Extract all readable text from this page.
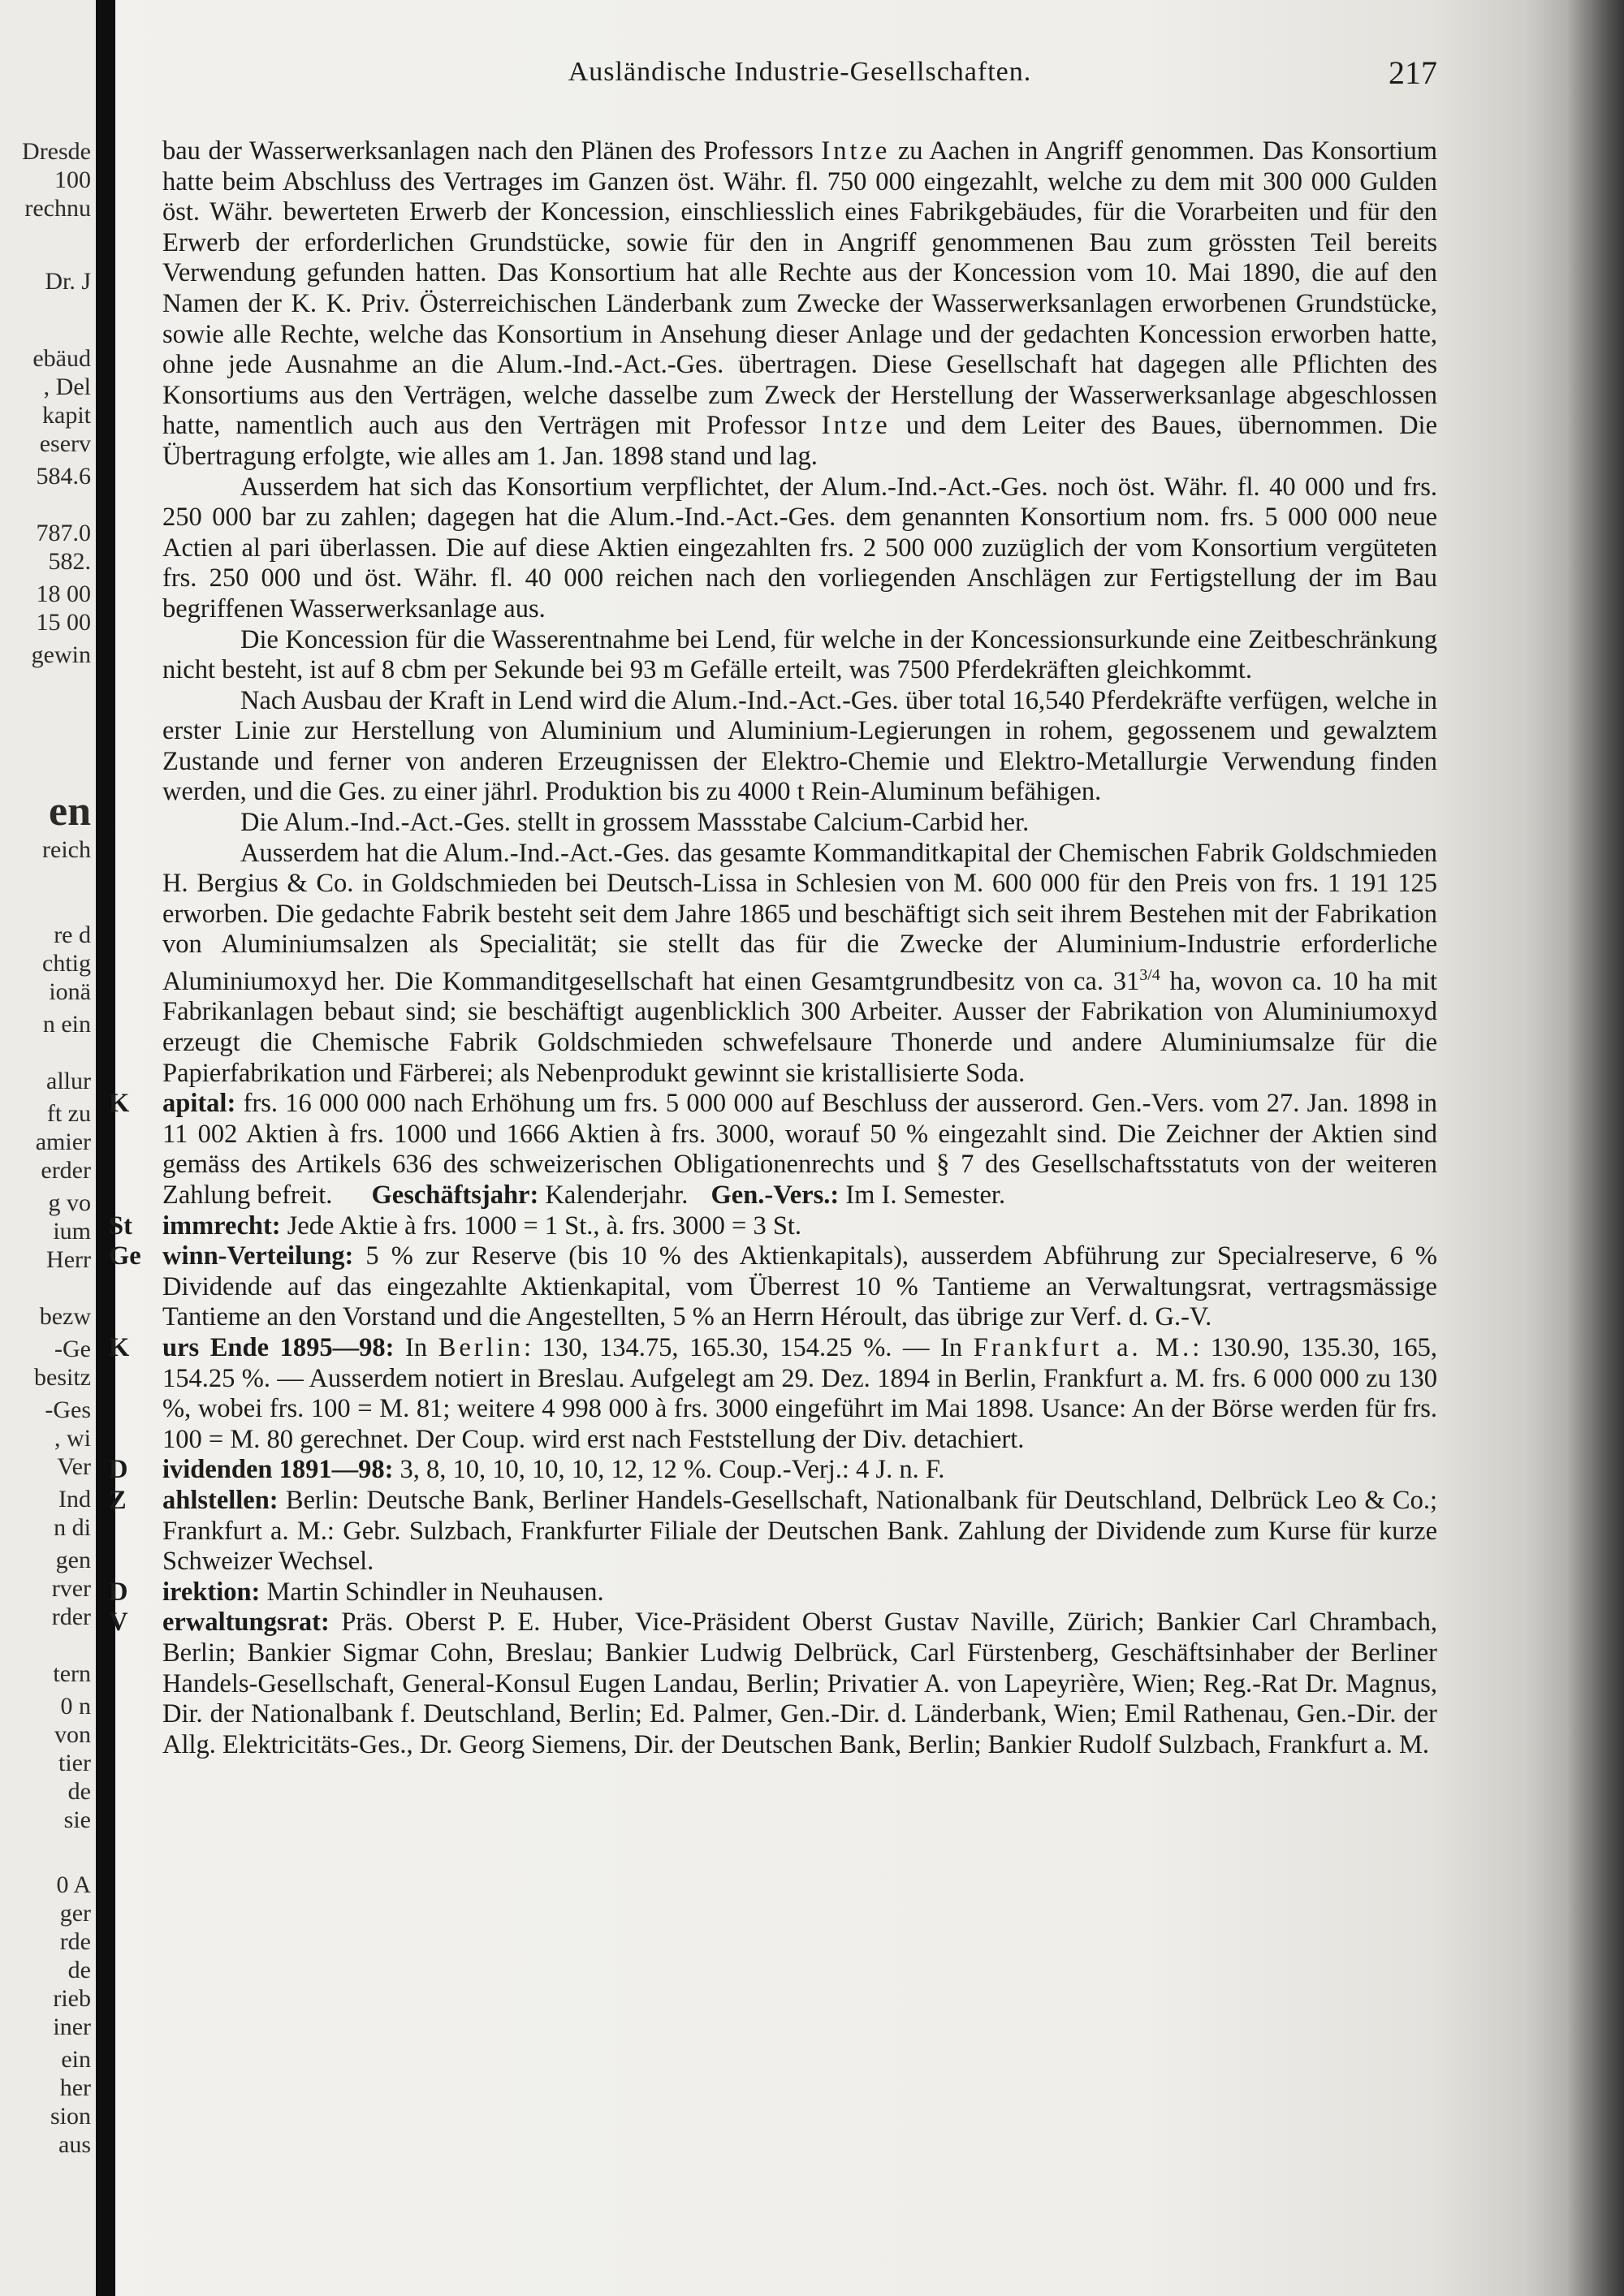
Dresde
100
rechnu
Dr. J
ebäud
, Del
kapit
eserv
584.6
787.0
582.
18 00
15 00
gewin
en
reich
re d
chtig
ionä
n ein
allur
ft zu
amier
erder
g vo
ium
Herr
bezw
-Ge
besitz
-Ges
, wi
Ver
Ind
n di
gen
rver
rder
tern
0 n
von
tier
de
sie
0 A
ger
rde
de
rieb
iner
ein
her
sion
aus
Ausländische Industrie-Gesellschaften.	217

bau der Wasserwerksanlagen nach den Plänen des Professors Intze zu Aachen in Angriff genommen. Das Konsortium hatte beim Abschluss des Vertrages im Ganzen öst. Währ. fl. 750 000 eingezahlt, welche zu dem mit 300 000 Gulden öst. Währ. bewerteten Erwerb der Koncession, einschliesslich eines Fabrikgebäudes, für die Vorarbeiten und für den Erwerb der erforderlichen Grundstücke, sowie für den in Angriff genommenen Bau zum grössten Teil bereits Verwendung gefunden hatten. Das Konsortium hat alle Rechte aus der Koncession vom 10. Mai 1890, die auf den Namen der K. K. Priv. Österreichischen Länderbank zum Zwecke der Wasserwerksanlagen erworbenen Grundstücke, sowie alle Rechte, welche das Konsortium in Ansehung dieser Anlage und der gedachten Koncession erworben hatte, ohne jede Ausnahme an die Alum.-Ind.-Act.-Ges. übertragen. Diese Gesellschaft hat dagegen alle Pflichten des Konsortiums aus den Verträgen, welche dasselbe zum Zweck der Herstellung der Wasserwerksanlage abgeschlossen hatte, namentlich auch aus den Verträgen mit Professor Intze und dem Leiter des Baues, übernommen. Die Übertragung erfolgte, wie alles am 1. Jan. 1898 stand und lag.

Ausserdem hat sich das Konsortium verpflichtet, der Alum.-Ind.-Act.-Ges. noch öst. Währ. fl. 40 000 und frs. 250 000 bar zu zahlen; dagegen hat die Alum.-Ind.-Act.-Ges. dem genannten Konsortium nom. frs. 5 000 000 neue Actien al pari überlassen. Die auf diese Aktien eingezahlten frs. 2 500 000 zuzüglich der vom Konsortium vergüteten frs. 250 000 und öst. Währ. fl. 40 000 reichen nach den vorliegenden Anschlägen zur Fertigstellung der im Bau begriffenen Wasserwerksanlage aus.

Die Koncession für die Wasserentnahme bei Lend, für welche in der Koncessionsurkunde eine Zeitbeschränkung nicht besteht, ist auf 8 cbm per Sekunde bei 93 m Gefälle erteilt, was 7500 Pferdekräften gleichkommt.

Nach Ausbau der Kraft in Lend wird die Alum.-Ind.-Act.-Ges. über total 16,540 Pferdekräfte verfügen, welche in erster Linie zur Herstellung von Aluminium und Aluminium-Legierungen in rohem, gegossenem und gewalztem Zustande und ferner von anderen Erzeugnissen der Elektro-Chemie und Elektro-Metallurgie Verwendung finden werden, und die Ges. zu einer jährl. Produktion bis zu 4000 t Rein-Aluminum befähigen.

Die Alum.-Ind.-Act.-Ges. stellt in grossem Massstabe Calcium-Carbid her.

Ausserdem hat die Alum.-Ind.-Act.-Ges. das gesamte Kommanditkapital der Chemischen Fabrik Goldschmieden H. Bergius & Co. in Goldschmieden bei Deutsch-Lissa in Schlesien von M. 600 000 für den Preis von frs. 1 191 125 erworben. Die gedachte Fabrik besteht seit dem Jahre 1865 und beschäftigt sich seit ihrem Bestehen mit der Fabrikation von Aluminiumsalzen als Specialität; sie stellt das für die Zwecke der Aluminium-Industrie erforderliche Aluminiumoxyd her. Die Kommanditgesellschaft hat einen Gesamtgrundbesitz von ca. $31^{3/4}$ ha, wovon ca. 10 ha mit Fabrikanlagen bebaut sind; sie beschäftigt augenblicklich 300 Arbeiter. Ausser der Fabrikation von Aluminiumoxyd erzeugt die Chemische Fabrik Goldschmieden schwefelsaure Thonerde und andere Aluminiumsalze für die Papierfabrikation und Färberei; als Nebenprodukt gewinnt sie kristallisierte Soda.

K apital: frs. 16 000 000 nach Erhöhung um frs. 5 000 000 auf Beschluss der ausserord. Gen.-Vers. vom 27. Jan. 1898 in 11 002 Aktien à frs. 1000 und 1666 Aktien à frs. 3000, worauf 50 % eingezahlt sind. Die Zeichner der Aktien sind gemäss des Artikels 636 des schweizerischen Obligationenrechts und § 7 des Gesellschaftsstatuts von der weiteren Zahlung befreit. Geschäftsjahr: Kalenderjahr. Gen.-Vers.: Im I. Semester.

St immrecht: Jede Aktie à frs. 1000 = 1 St., à. frs. 3000 = 3 St.

Ge winn-Verteilung: 5 % zur Reserve (bis 10 % des Aktienkapitals), ausserdem Abführung zur Specialreserve, 6 % Dividende auf das eingezahlte Aktienkapital, vom Überrest 10 % Tantieme an Verwaltungsrat, vertragsmässige Tantieme an den Vorstand und die Angestellten, 5 % an Herrn Héroult, das übrige zur Verf. d. G.-V.

K urs Ende 1895—98: In Berlin: 130, 134.75, 165.30, 154.25 %. — In Frankfurt a. M.: 130.90, 135.30, 165, 154.25 %. — Ausserdem notiert in Breslau. Aufgelegt am 29. Dez. 1894 in Berlin, Frankfurt a. M. frs. 6 000 000 zu 130 %, wobei frs. 100 = M. 81; weitere 4 998 000 à frs. 3000 eingeführt im Mai 1898. Usance: An der Börse werden für frs. 100 = M. 80 gerechnet. Der Coup. wird erst nach Feststellung der Div. detachiert.

D ividenden 1891—98: 3, 8, 10, 10, 10, 10, 12, 12 %. Coup.-Verj.: 4 J. n. F.

Z ahlstellen: Berlin: Deutsche Bank, Berliner Handels-Gesellschaft, Nationalbank für Deutschland, Delbrück Leo & Co.; Frankfurt a. M.: Gebr. Sulzbach, Frankfurter Filiale der Deutschen Bank. Zahlung der Dividende zum Kurse für kurze Schweizer Wechsel.

D irektion: Martin Schindler in Neuhausen.

V erwaltungsrat: Präs. Oberst P. E. Huber, Vice-Präsident Oberst Gustav Naville, Zürich; Bankier Carl Chrambach, Berlin; Bankier Sigmar Cohn, Breslau; Bankier Ludwig Delbrück, Carl Fürstenberg, Geschäftsinhaber der Berliner Handels-Gesellschaft, General-Konsul Eugen Landau, Berlin; Privatier A. von Lapeyrière, Wien; Reg.-Rat Dr. Magnus, Dir. der Nationalbank f. Deutschland, Berlin; Ed. Palmer, Gen.-Dir. d. Länderbank, Wien; Emil Rathenau, Gen.-Dir. der Allg. Elektricitäts-Ges., Dr. Georg Siemens, Dir. der Deutschen Bank, Berlin; Bankier Rudolf Sulzbach, Frankfurt a. M.
